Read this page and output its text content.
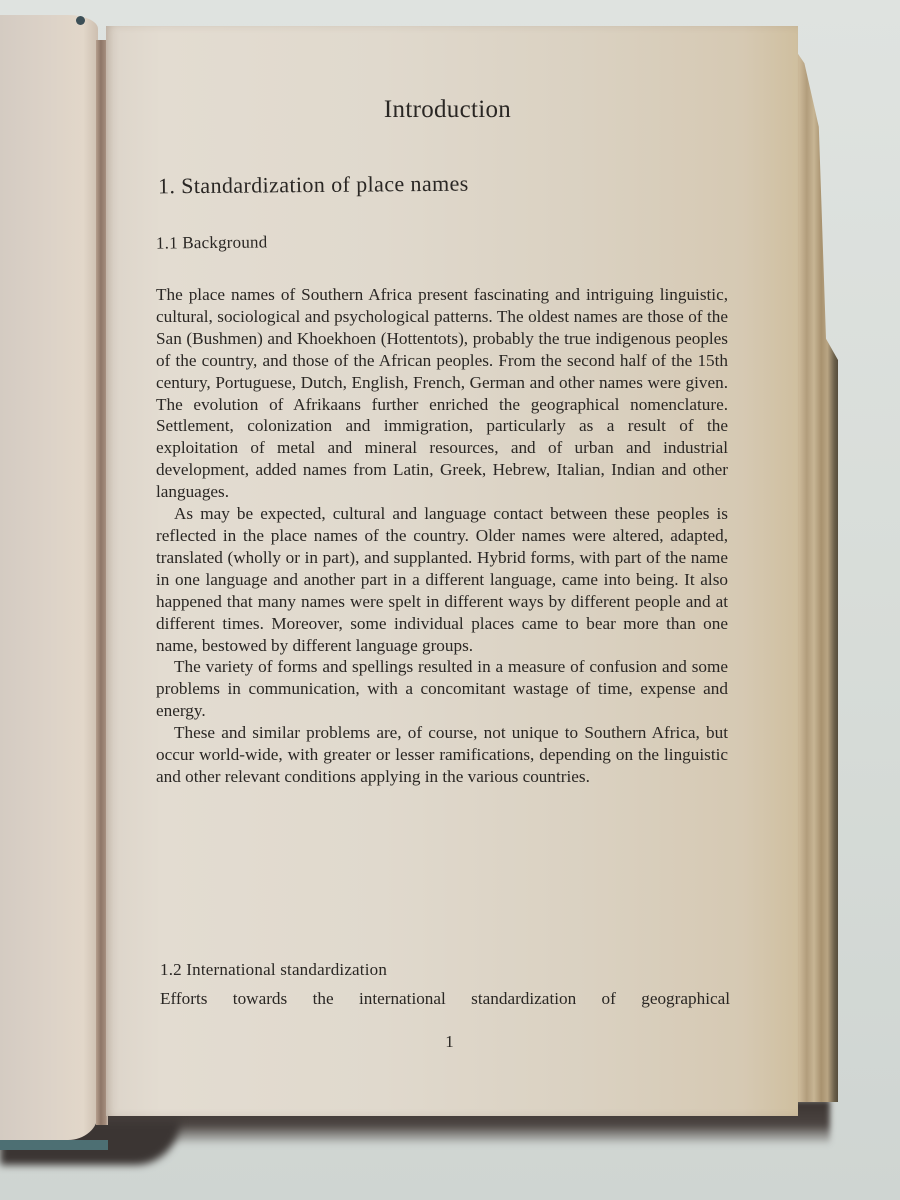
Introduction
1. Standardization of place names
1.1 Background

The place names of Southern Africa present fascinating and intriguing linguistic, cultural, sociological and psychological patterns. The oldest names are those of the San (Bushmen) and Khoekhoen (Hottentots), probably the true indigenous peoples of the country, and those of the African peoples. From the second half of the 15th century, Portuguese, Dutch, English, French, German and other names were given. The evolution of Afrikaans further enriched the geographical nomenclature. Settlement, colonization and immigration, particularly as a result of the exploitation of metal and mineral resources, and of urban and industrial development, added names from Latin, Greek, Hebrew, Italian, Indian and other languages.

As may be expected, cultural and language contact between these peoples is reflected in the place names of the country. Older names were altered, adapted, translated (wholly or in part), and supplanted. Hybrid forms, with part of the name in one language and another part in a different language, came into being. It also happened that many names were spelt in different ways by different people and at different times. Moreover, some individual places came to bear more than one name, bestowed by different language groups.

The variety of forms and spellings resulted in a measure of confusion and some problems in communication, with a concomitant wastage of time, expense and energy.

These and similar problems are, of course, not unique to Southern Africa, but occur world-wide, with greater or lesser ramifications, depending on the linguistic and other relevant conditions applying in the various countries.

1.2 International standardization

Efforts towards the international standardization of geographical

1
